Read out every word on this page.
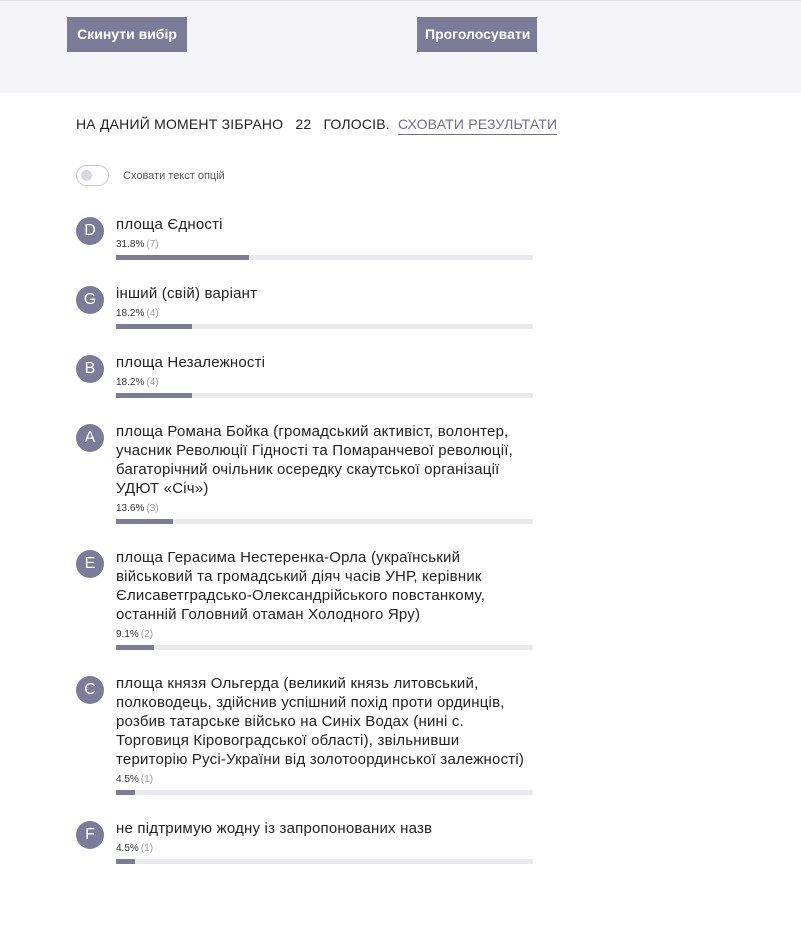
Скинути вибір	Проголосувати
НА ДАНИЙ МОМЕНТ ЗІБРАНО 22 ГОЛОСІВ. СХОВАТИ РЕЗУЛЬТАТИ
Сховати текст опцій
D	площа Єдності
31.8% (7)
G	інший (свій) варіант
18.2% (4)
B	площа Незалежності
18.2% (4)
A	площа Романа Бойка (громадський активіст, волонтер, учасник Революції Гідності та Помаранчевої революції, багаторічний очільник осередку скаутської організації УДЮТ «Січ»)
13.6% (3)
E	площа Герасима Нестеренка-Орла (український військовий та громадський діяч часів УНР, керівник Єлисаветградсько-Олександрійського повстанкому, останній Головний отаман Холодного Яру)
9.1% (2)
C	площа князя Ольгерда (великий князь литовський, полководець, здійснив успішний похід проти ординців, розбив татарське військо на Синіх Водах (нині с. Торговиця Кіровоградської області), звільнивши територію Русі-України від золотоординської залежності)
4.5% (1)
F	не підтримую жодну із запропонованих назв
4.5% (1)
